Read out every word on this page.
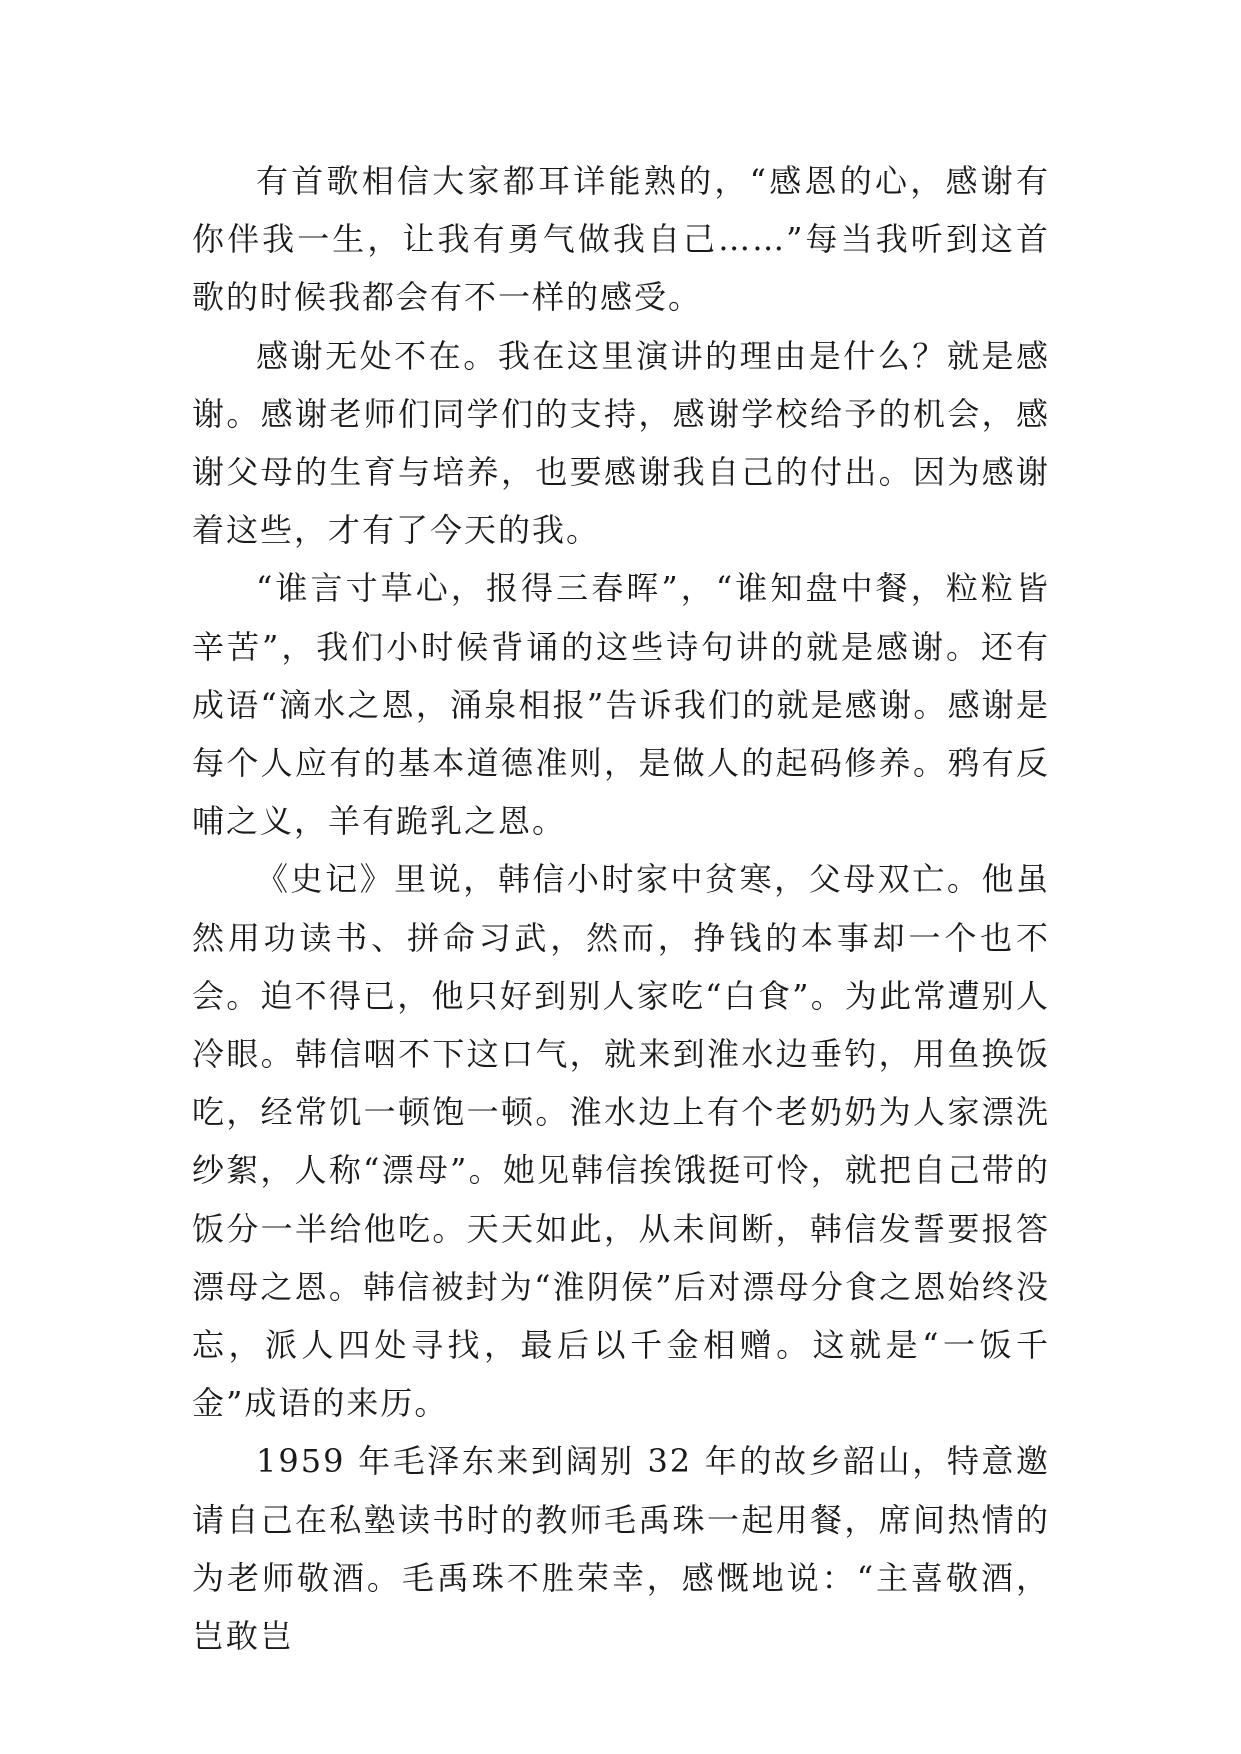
有首歌相信大家都耳详能熟的，“感恩的心，感谢有你伴我一生，让我有勇气做我自己……”每当我听到这首歌的时候我都会有不一样的感受。

感谢无处不在。我在这里演讲的理由是什么？就是感谢。感谢老师们同学们的支持，感谢学校给予的机会，感谢父母的生育与培养，也要感谢我自己的付出。因为感谢着这些，才有了今天的我。

“谁言寸草心，报得三春晖”，“谁知盘中餐，粒粒皆辛苦”，我们小时候背诵的这些诗句讲的就是感谢。还有成语“滴水之恩，涌泉相报”告诉我们的就是感谢。感谢是每个人应有的基本道德准则，是做人的起码修养。鸦有反哺之义，羊有跪乳之恩。

《史记》里说，韩信小时家中贫寒，父母双亡。他虽然用功读书、拼命习武，然而，挣钱的本事却一个也不会。迫不得已，他只好到别人家吃“白食”。为此常遭别人冷眼。韩信咽不下这口气，就来到淮水边垂钓，用鱼换饭吃，经常饥一顿饱一顿。淮水边上有个老奶奶为人家漂洗纱絮，人称“漂母”。她见韩信挨饿挺可怜，就把自己带的饭分一半给他吃。天天如此，从未间断，韩信发誓要报答漂母之恩。韩信被封为“淮阴侯”后对漂母分食之恩始终没忘，派人四处寻找，最后以千金相赠。这就是“一饭千金”成语的来历。

1959 年毛泽东来到阔别 32 年的故乡韶山，特意邀请自己在私塾读书时的教师毛禹珠一起用餐，席间热情的为老师敬酒。毛禹珠不胜荣幸，感慨地说：“主喜敬酒，岂敢岂
